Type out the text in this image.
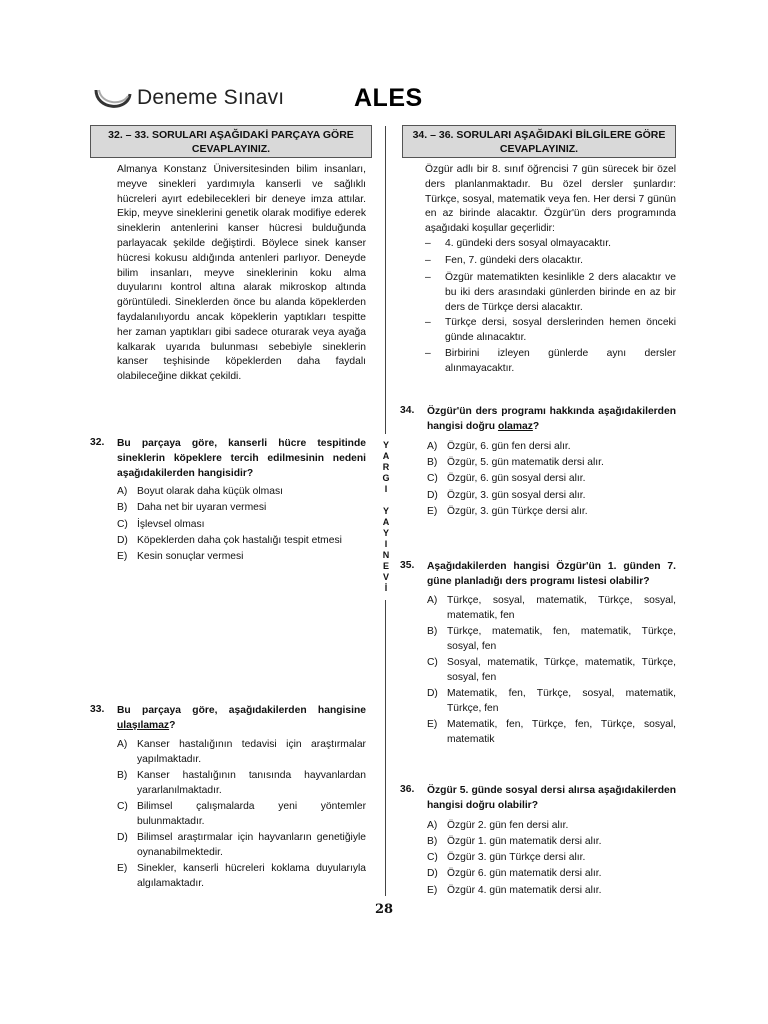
Deneme Sınavı	ALES
32. – 33. SORULARI AŞAĞIDAKİ PARÇAYA GÖRE CEVAPLAYINIZ.
Almanya Konstanz Üniversitesinden bilim insanları, meyve sinekleri yardımıyla kanserli ve sağlıklı hücreleri ayırt edebilecekleri bir deneye imza attılar. Ekip, meyve sineklerini genetik olarak modifiye ederek sineklerin antenlerini kanser hücresi bulduğunda parlayacak şekilde değiştirdi. Böylece sinek kanser hücresi kokusu aldığında antenleri parlıyor. Deneyde bilim insanları, meyve sineklerinin koku alma duyularını kontrol altına alarak mikroskop altında görüntüledi. Sineklerden önce bu alanda köpeklerden faydalanılıyordu ancak köpeklerin yaptıkları tespitte her zaman yaptıkları gibi sadece oturarak veya ayağa kalkarak uyarıda bulunması sebebiyle sineklerin kanser teşhisinde köpeklerden daha faydalı olabileceğine dikkat çekildi.
32. Bu parçaya göre, kanserli hücre tespitinde sineklerin köpeklere tercih edilmesinin nedeni aşağıdakilerden hangisidir?
A) Boyut olarak daha küçük olması
B) Daha net bir uyaran vermesi
C) İşlevsel olması
D) Köpeklerden daha çok hastalığı tespit etmesi
E) Kesin sonuçlar vermesi
33. Bu parçaya göre, aşağıdakilerden hangisine ulaşılamaz?
A) Kanser hastalığının tedavisi için araştırmalar yapılmaktadır.
B) Kanser hastalığının tanısında hayvanlardan yararlanılmaktadır.
C) Bilimsel çalışmalarda yeni yöntemler bulunmaktadır.
D) Bilimsel araştırmalar için hayvanların genetiğiyle oynanabilmektedir.
E) Sinekler, kanserli hücreleri koklama duyularıyla algılamaktadır.
Y
A
R
G
I
Y
A
Y
I
N
E
V
İ
34. – 36. SORULARI AŞAĞIDAKİ BİLGİLERE GÖRE CEVAPLAYINIZ.
Özgür adlı bir 8. sınıf öğrencisi 7 gün sürecek bir özel ders planlanmaktadır. Bu özel dersler şunlardır: Türkçe, sosyal, matematik veya fen. Her dersi 7 günün en az birinde alacaktır. Özgür'ün ders programında aşağıdaki koşullar geçerlidir:
– 4. gündeki ders sosyal olmayacaktır.
– Fen, 7. gündeki ders olacaktır.
– Özgür matematikten kesinlikle 2 ders alacaktır ve bu iki ders arasındaki günlerden birinde en az bir ders de Türkçe dersi alacaktır.
– Türkçe dersi, sosyal derslerinden hemen önceki günde alınacaktır.
– Birbirini izleyen günlerde aynı dersler alınmayacaktır.
34. Özgür'ün ders programı hakkında aşağıdakilerden hangisi doğru olamaz?
A) Özgür, 6. gün fen dersi alır.
B) Özgür, 5. gün matematik dersi alır.
C) Özgür, 6. gün sosyal dersi alır.
D) Özgür, 3. gün sosyal dersi alır.
E) Özgür, 3. gün Türkçe dersi alır.
35. Aşağıdakilerden hangisi Özgür'ün 1. günden 7. güne planladığı ders programı listesi olabilir?
A) Türkçe, sosyal, matematik, Türkçe, sosyal, matematik, fen
B) Türkçe, matematik, fen, matematik, Türkçe, sosyal, fen
C) Sosyal, matematik, Türkçe, matematik, Türkçe, sosyal, fen
D) Matematik, fen, Türkçe, sosyal, matematik, Türkçe, fen
E) Matematik, fen, Türkçe, fen, Türkçe, sosyal, matematik
36. Özgür 5. günde sosyal dersi alırsa aşağıdakilerden hangisi doğru olabilir?
A) Özgür 2. gün fen dersi alır.
B) Özgür 1. gün matematik dersi alır.
C) Özgür 3. gün Türkçe dersi alır.
D) Özgür 6. gün matematik dersi alır.
E) Özgür 4. gün matematik dersi alır.
28
